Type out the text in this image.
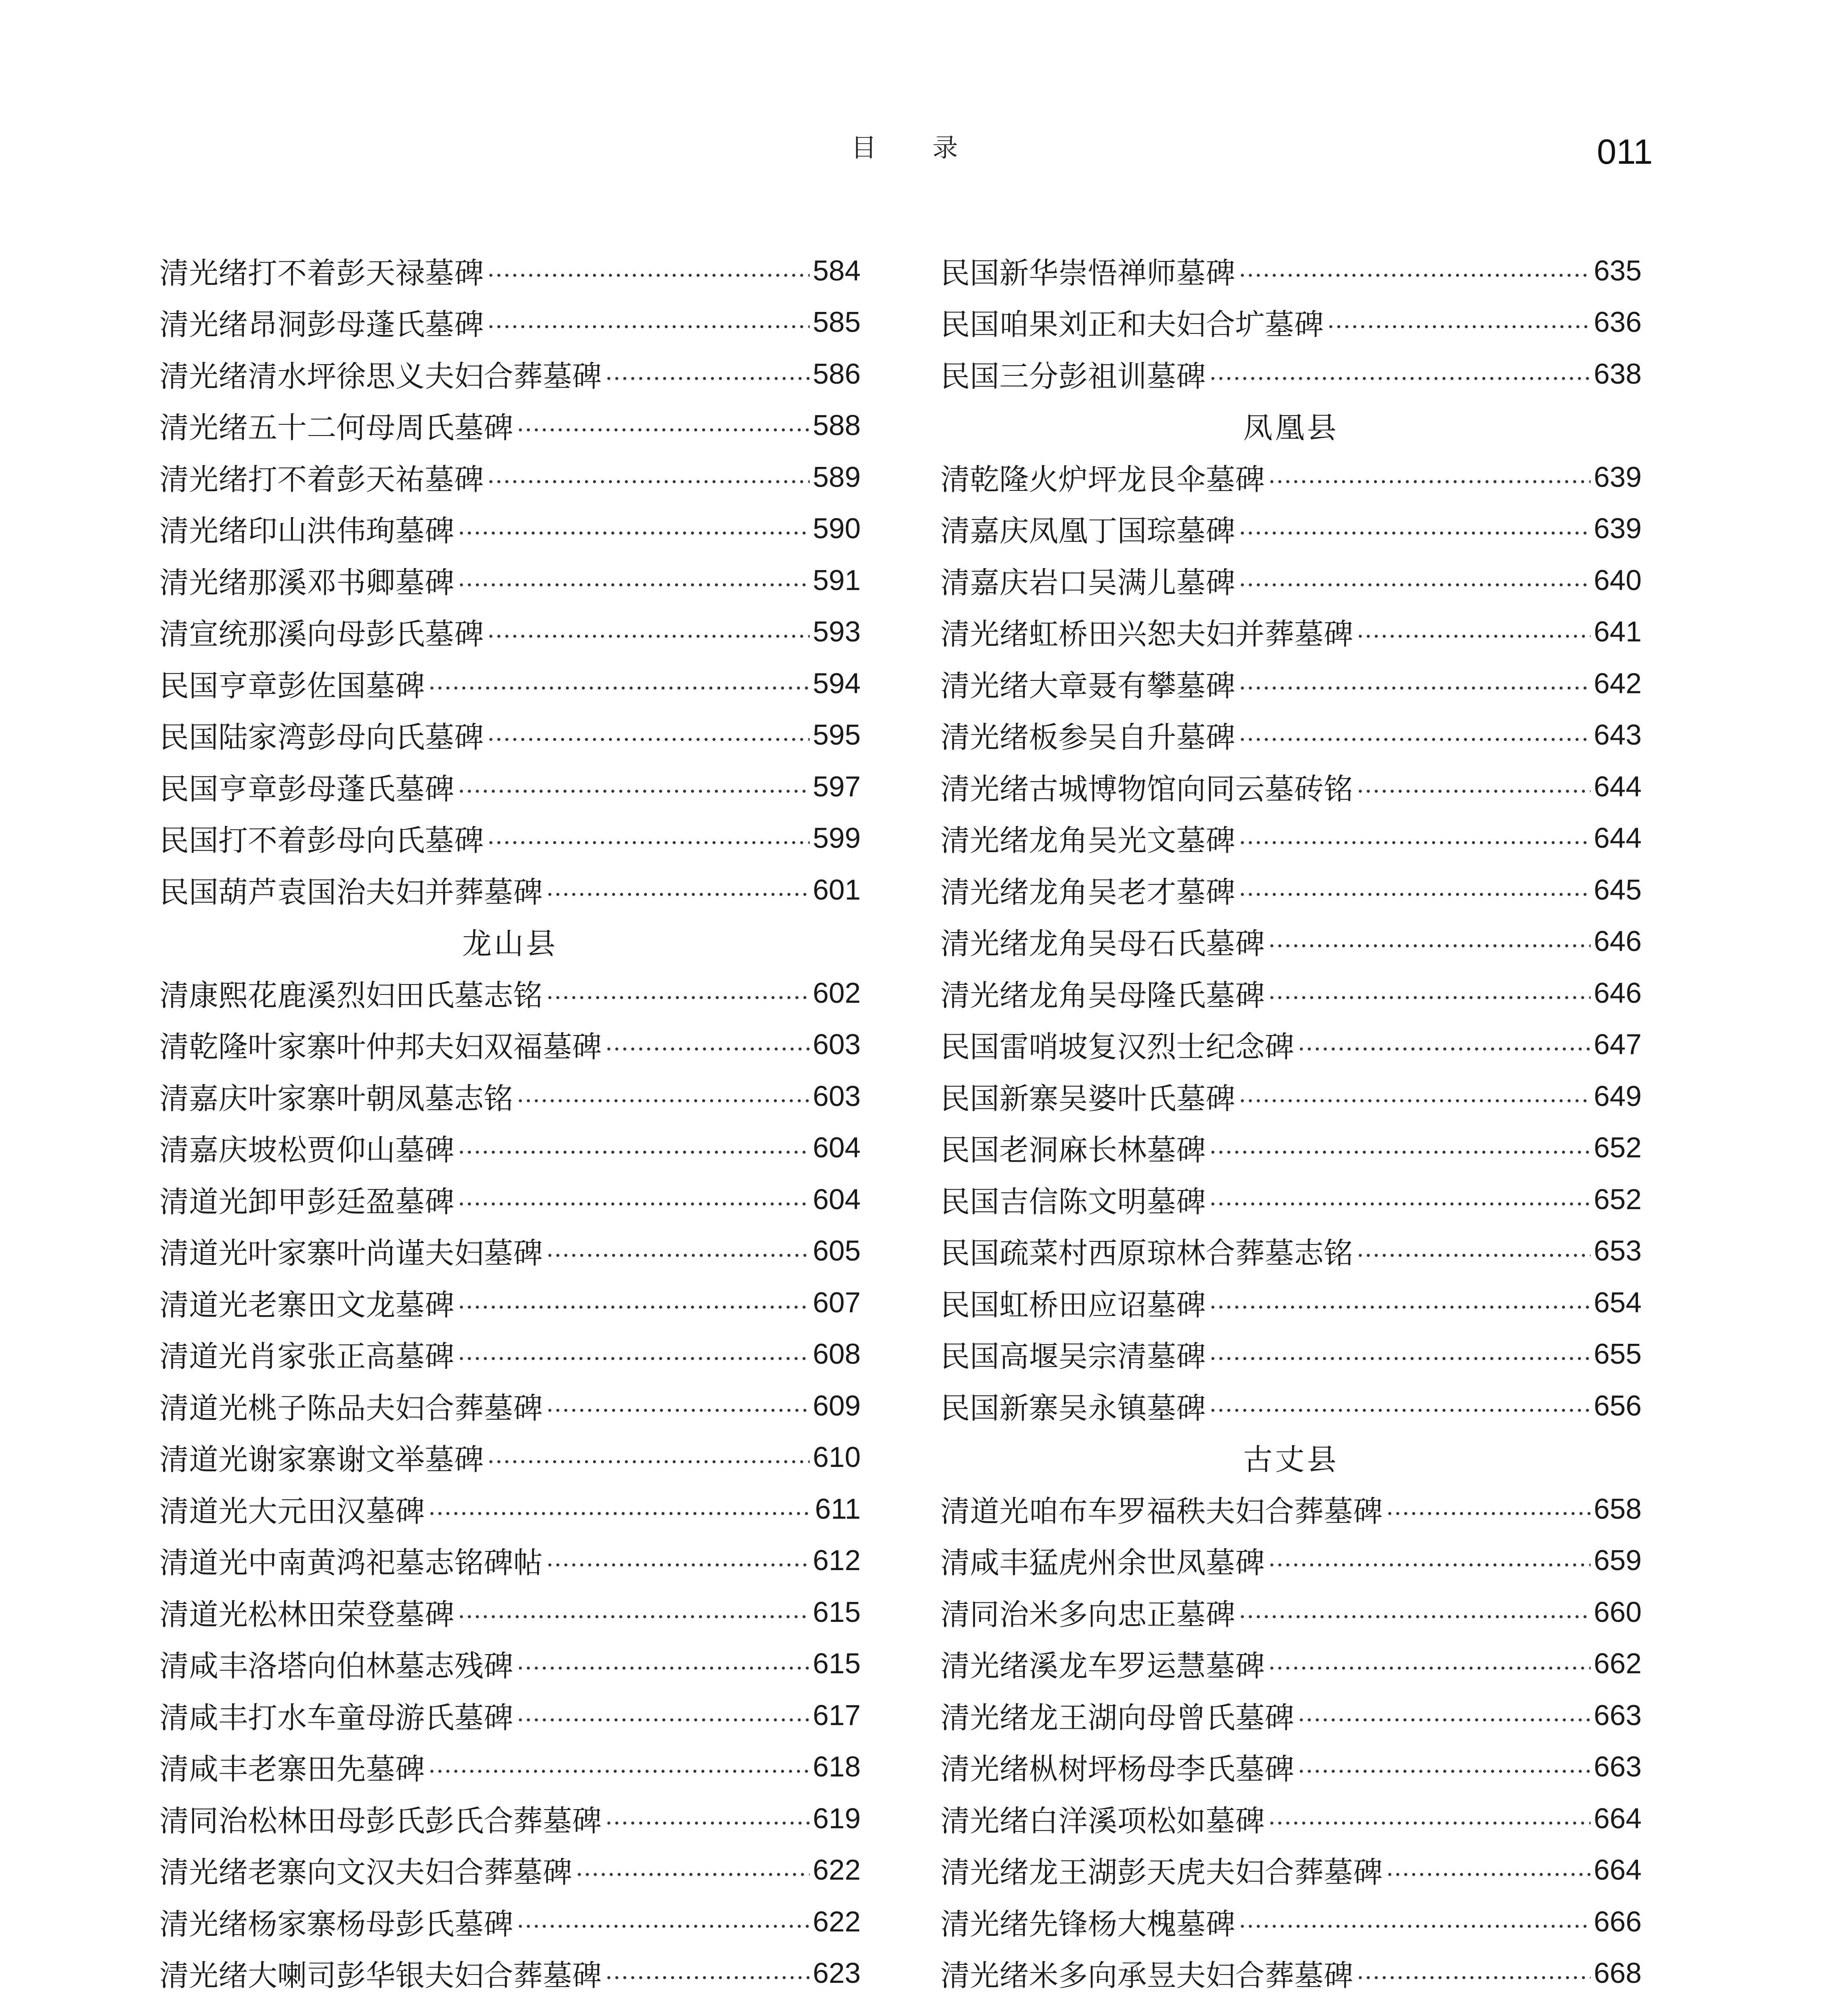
目 录	011
清光绪打不着彭天禄墓碑	584
清光绪昂洞彭母蓬氏墓碑	585
清光绪清水坪徐思义夫妇合葬墓碑	586
清光绪五十二何母周氏墓碑	588
清光绪打不着彭天祐墓碑	589
清光绪印山洪伟珣墓碑	590
清光绪那溪邓书卿墓碑	591
清宣统那溪向母彭氏墓碑	593
民国亨章彭佐国墓碑	594
民国陆家湾彭母向氏墓碑	595
民国亨章彭母蓬氏墓碑	597
民国打不着彭母向氏墓碑	599
民国葫芦袁国治夫妇并葬墓碑	601
龙山县
清康熙花鹿溪烈妇田氏墓志铭	602
清乾隆叶家寨叶仲邦夫妇双福墓碑	603
清嘉庆叶家寨叶朝凤墓志铭	603
清嘉庆坡松贾仰山墓碑	604
清道光卸甲彭廷盈墓碑	604
清道光叶家寨叶尚谨夫妇墓碑	605
清道光老寨田文龙墓碑	607
清道光肖家张正高墓碑	608
清道光桃子陈品夫妇合葬墓碑	609
清道光谢家寨谢文举墓碑	610
清道光大元田汉墓碑	611
清道光中南黄鸿祀墓志铭碑帖	612
清道光松林田荣登墓碑	615
清咸丰洛塔向伯林墓志残碑	615
清咸丰打水车童母游氏墓碑	617
清咸丰老寨田先墓碑	618
清同治松林田母彭氏彭氏合葬墓碑	619
清光绪老寨向文汉夫妇合葬墓碑	622
清光绪杨家寨杨母彭氏墓碑	622
清光绪大喇司彭华银夫妇合葬墓碑	623
民国新华崇悟禅师墓碑	635
民国咱果刘正和夫妇合圹墓碑	636
民国三分彭祖训墓碑	638
凤凰县
清乾隆火炉坪龙艮伞墓碑	639
清嘉庆凤凰丁国琮墓碑	639
清嘉庆岩口吴满儿墓碑	640
清光绪虹桥田兴恕夫妇并葬墓碑	641
清光绪大章聂有攀墓碑	642
清光绪板参吴自升墓碑	643
清光绪古城博物馆向同云墓砖铭	644
清光绪龙角吴光文墓碑	644
清光绪龙角吴老才墓碑	645
清光绪龙角吴母石氏墓碑	646
清光绪龙角吴母隆氏墓碑	646
民国雷哨坡复汉烈士纪念碑	647
民国新寨吴婆叶氏墓碑	649
民国老洞麻长林墓碑	652
民国吉信陈文明墓碑	652
民国疏菜村西原琼林合葬墓志铭	653
民国虹桥田应诏墓碑	654
民国高堰吴宗清墓碑	655
民国新寨吴永镇墓碑	656
古丈县
清道光咱布车罗福秩夫妇合葬墓碑	658
清咸丰猛虎州余世凤墓碑	659
清同治米多向忠正墓碑	660
清光绪溪龙车罗运慧墓碑	662
清光绪龙王湖向母曾氏墓碑	663
清光绪枞树坪杨母李氏墓碑	663
清光绪白洋溪项松如墓碑	664
清光绪龙王湖彭天虎夫妇合葬墓碑	664
清光绪先锋杨大槐墓碑	666
清光绪米多向承昱夫妇合葬墓碑	668
